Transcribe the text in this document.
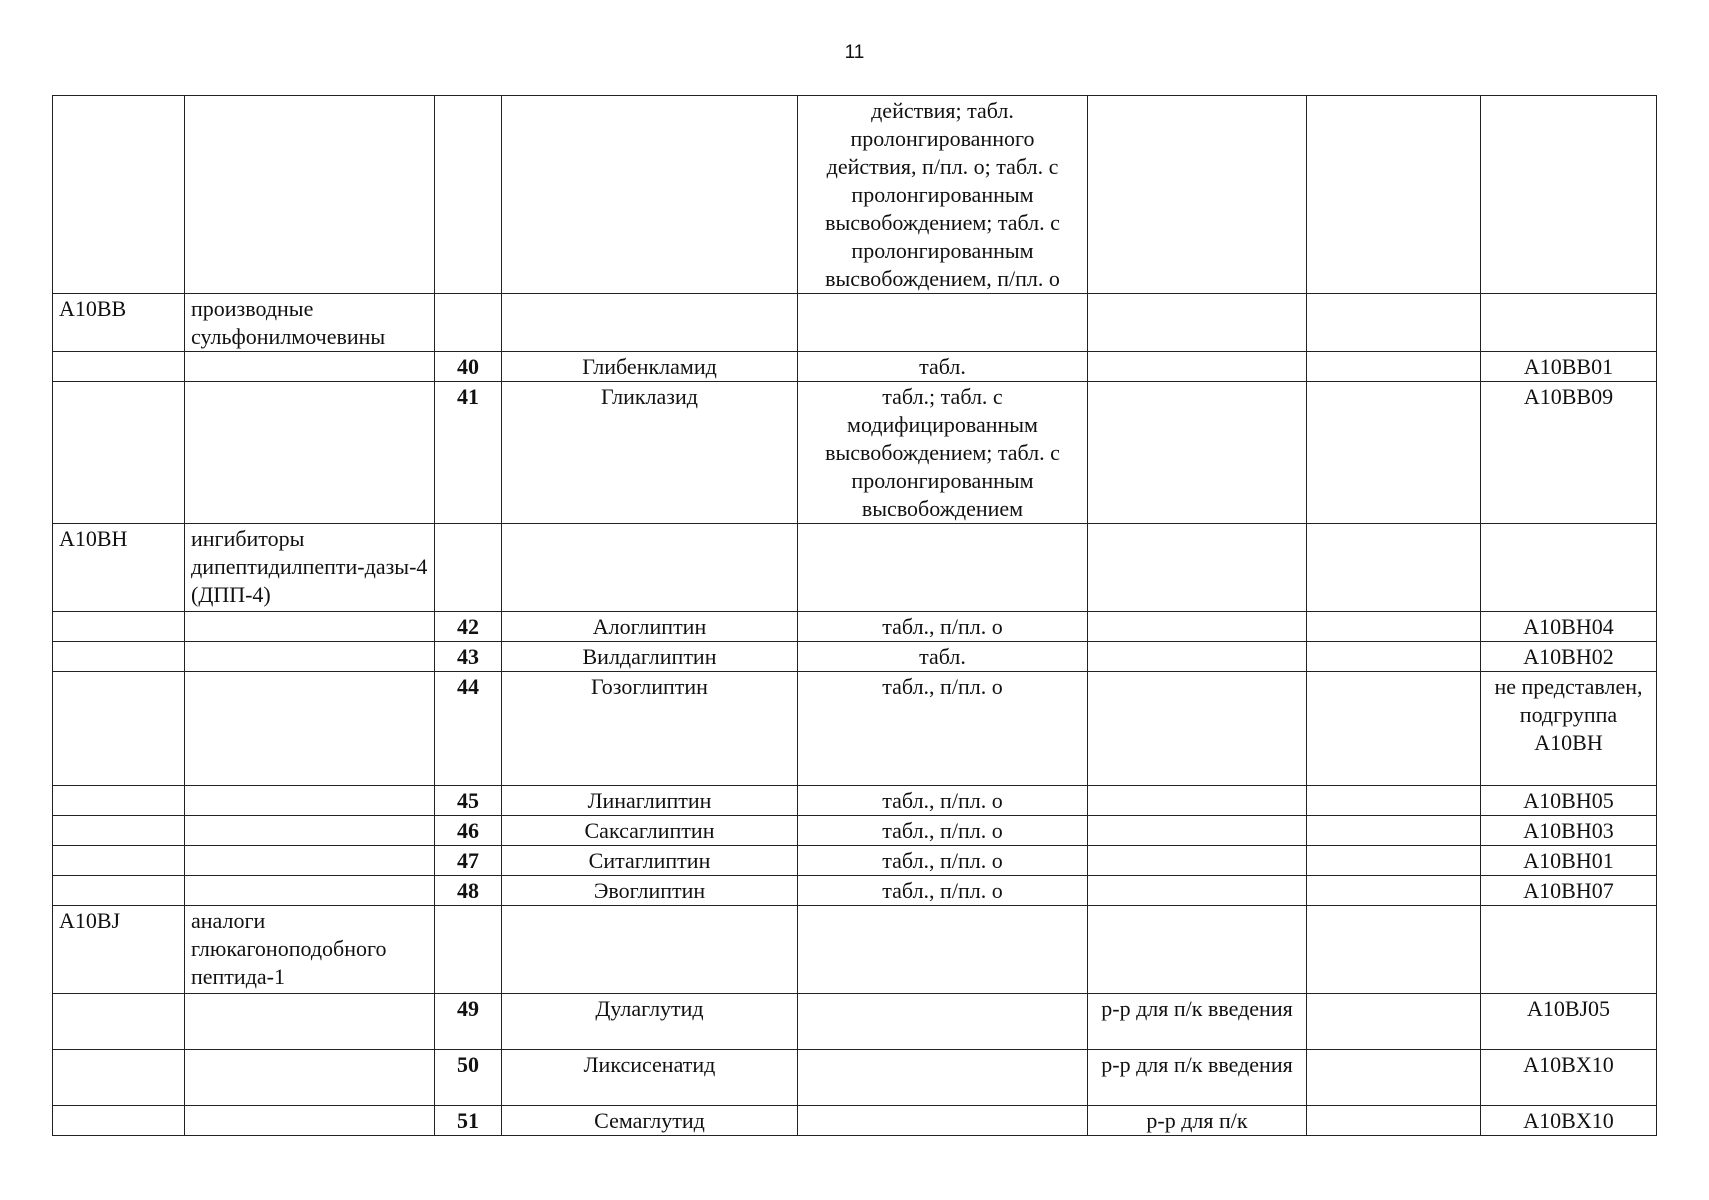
11
				действия; табл. пролонгированного действия, п/пл. о; табл. с пролонгированным высвобождением; табл. с пролонгированным высвобождением, п/пл. о			
A10BB	производные сульфонилмочевины						
		40	Глибенкламид	табл.			A10BB01
		41	Гликлазид	табл.; табл. с модифицированным высвобождением; табл. с пролонгированным высвобождением			A10BB09
A10BH	ингибиторы дипептидилпепти-дазы-4 (ДПП-4)						
		42	Алоглиптин	табл., п/пл. о			A10BH04
		43	Вилдаглиптин	табл.			A10BH02
		44	Гозоглиптин	табл., п/пл. о			не представлен, подгруппа A10BH
		45	Линаглиптин	табл., п/пл. о			A10BH05
		46	Саксаглиптин	табл., п/пл. о			A10BH03
		47	Ситаглиптин	табл., п/пл. о			A10BH01
		48	Эвоглиптин	табл., п/пл. о			A10BH07
A10BJ	аналоги глюкагоноподобного пептида-1						
		49	Дулаглутид		р-р для п/к введения		A10BJ05
		50	Ликсисенатид		р-р для п/к введения		A10BX10
		51	Семаглутид		р-р для п/к		A10BX10
